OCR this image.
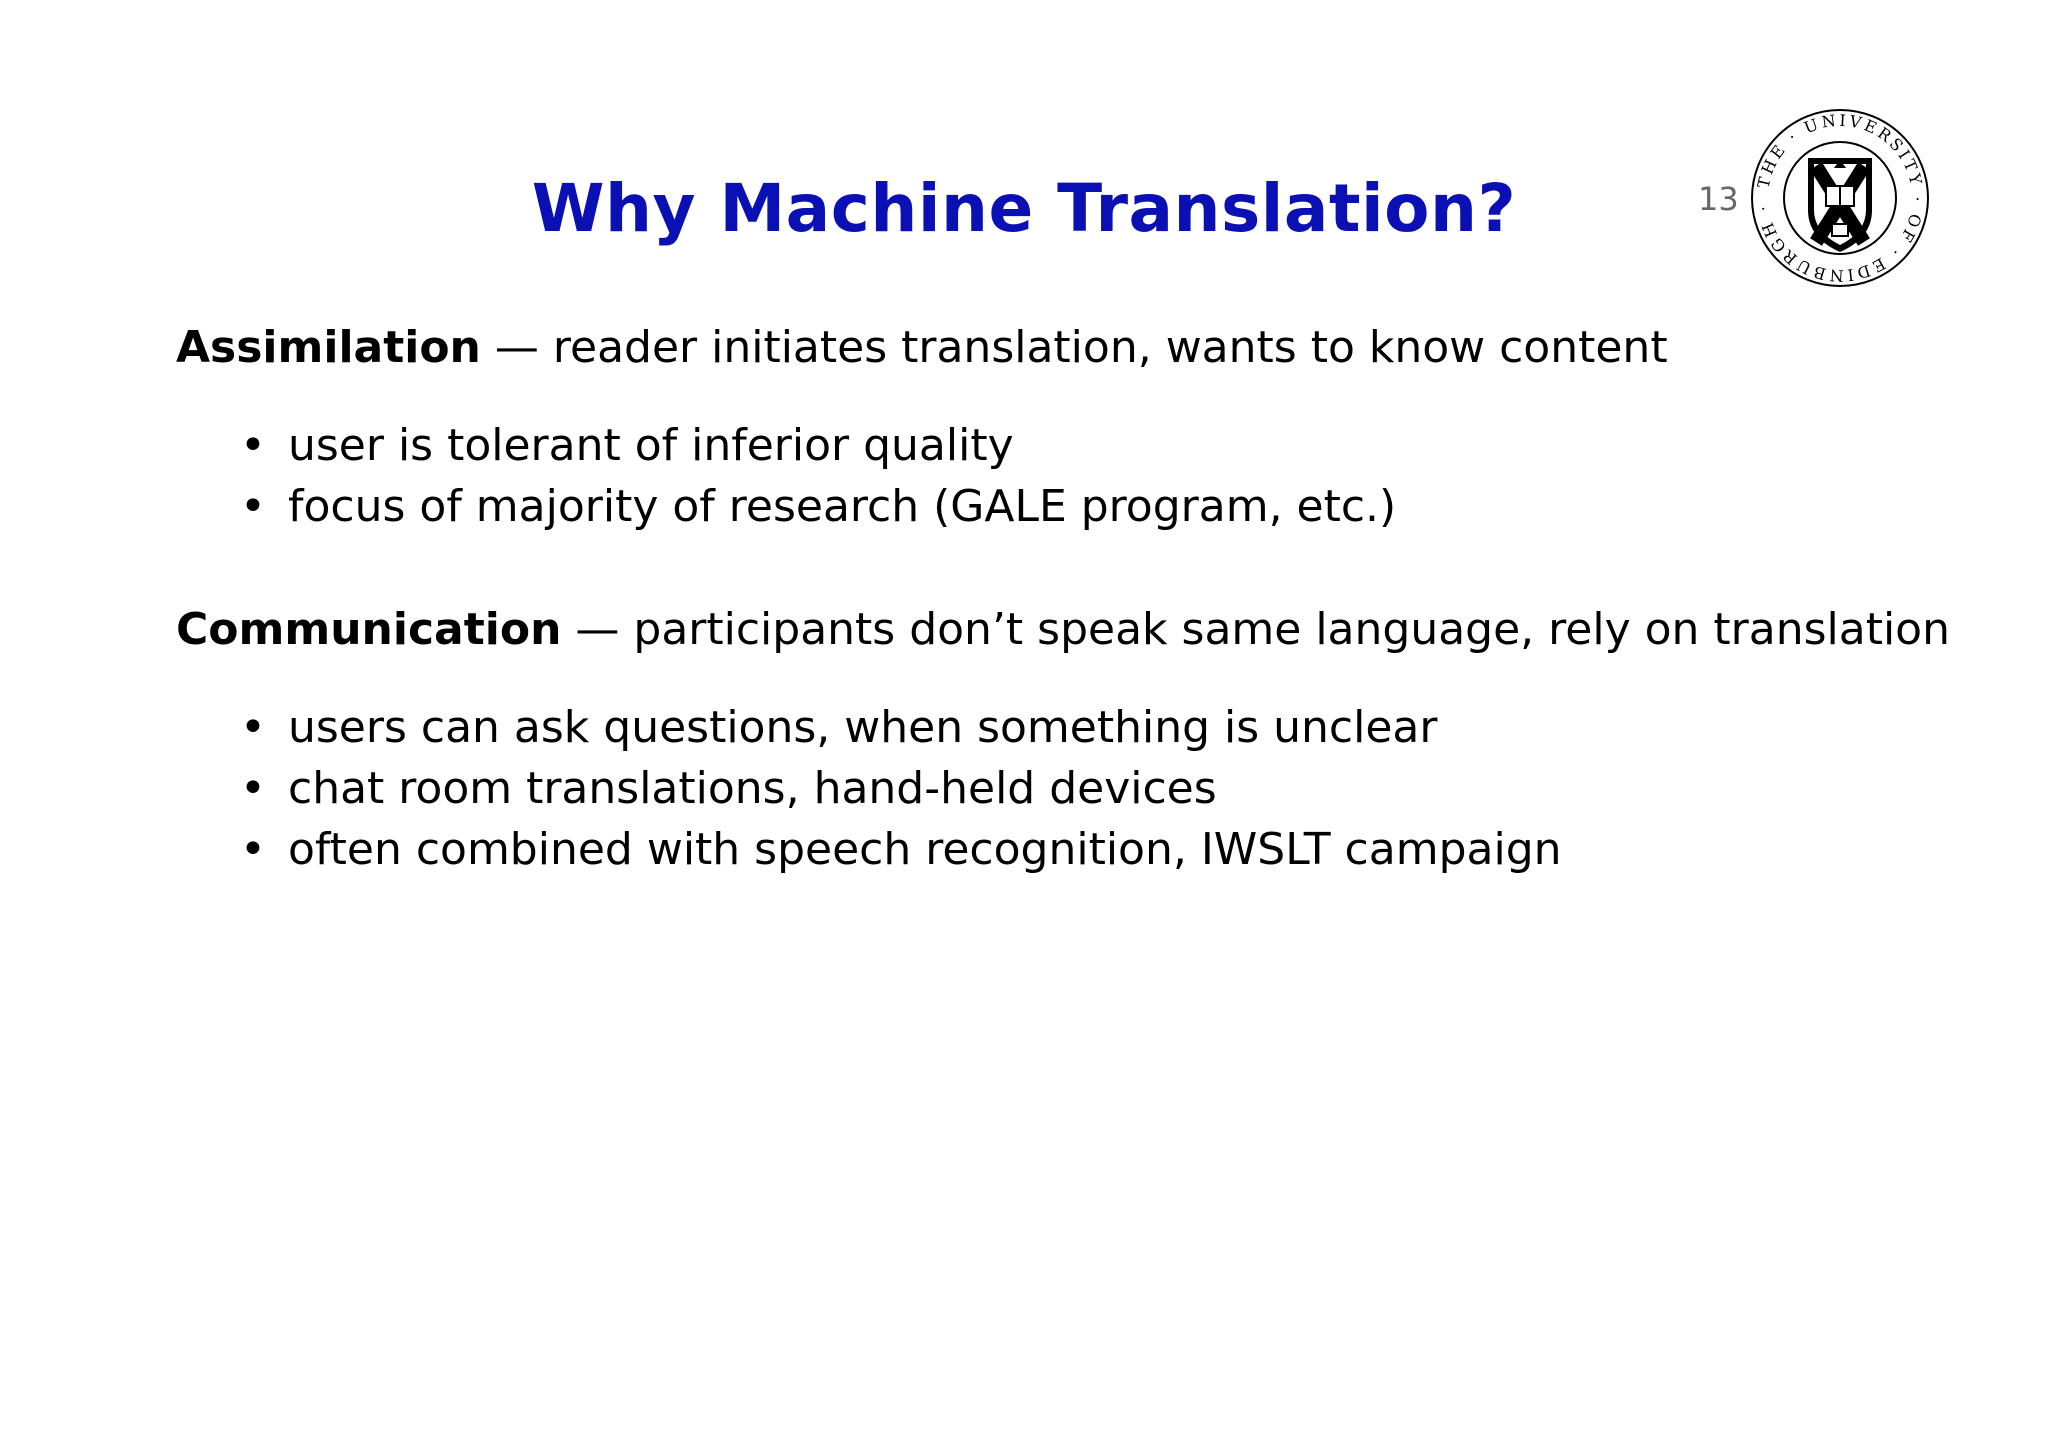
Why Machine Translation?	13 THE · UNIVERSITY · OF · EDINBURGH ·
Assimilation — reader initiates translation, wants to know content
• user is tolerant of inferior quality
• focus of majority of research (GALE program, etc.)
Communication — participants don’t speak same language, rely on translation
• users can ask questions, when something is unclear
• chat room translations, hand-held devices
• often combined with speech recognition, IWSLT campaign
